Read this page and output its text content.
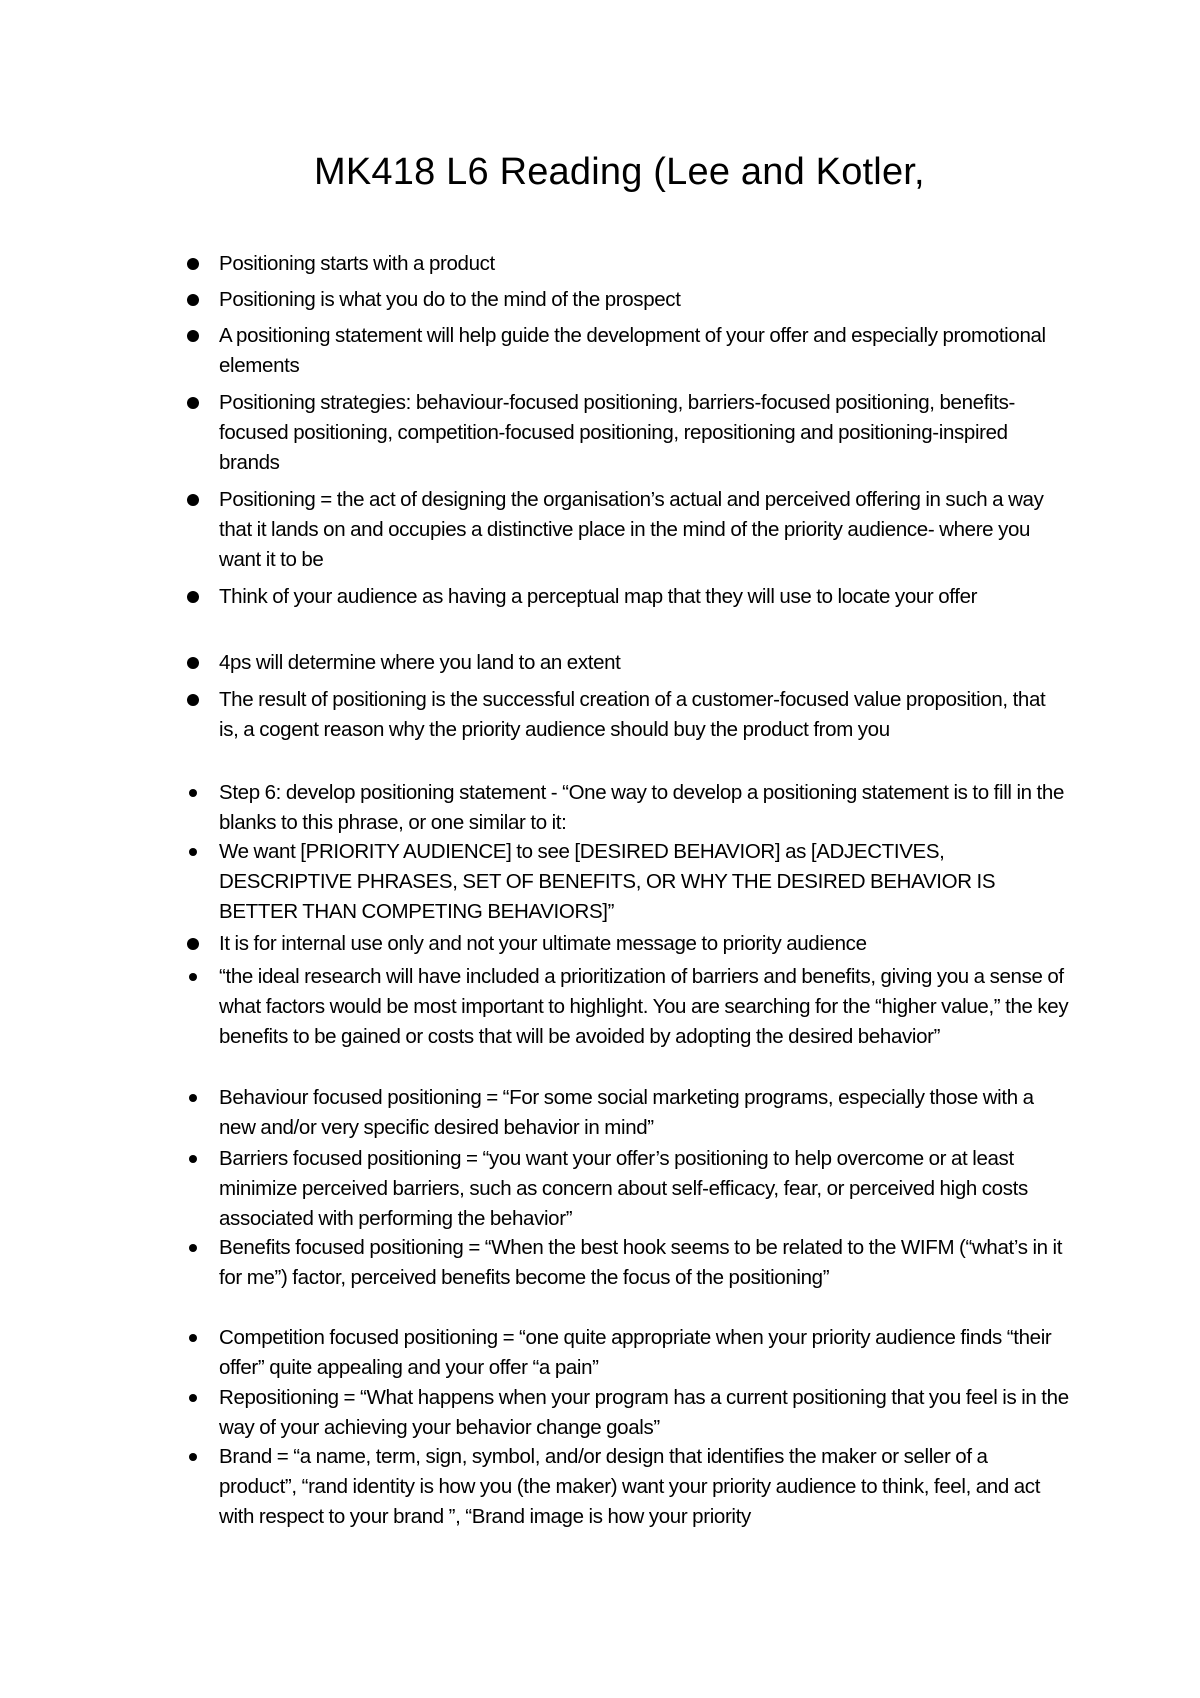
MK418 L6 Reading (Lee and Kotler,
Positioning starts with a product
Positioning is what you do to the mind of the prospect
A positioning statement will help guide the development of your offer and especially promotional elements
Positioning strategies: behaviour-focused positioning, barriers-focused positioning, benefits-focused positioning, competition-focused positioning, repositioning and positioning-inspired brands
Positioning = the act of designing the organisation’s actual and perceived offering in such a way that it lands on and occupies a distinctive place in the mind of the priority audience- where you want it to be
Think of your audience as having a perceptual map that they will use to locate your offer
4ps will determine where you land to an extent
The result of positioning is the successful creation of a customer-focused value proposition, that is, a cogent reason why the priority audience should buy the product from you
Step 6: develop positioning statement - “One way to develop a positioning statement is to fill in the blanks to this phrase, or one similar to it:
We want [PRIORITY AUDIENCE] to see [DESIRED BEHAVIOR] as [ADJECTIVES, DESCRIPTIVE PHRASES, SET OF BENEFITS, OR WHY THE DESIRED BEHAVIOR IS BETTER THAN COMPETING BEHAVIORS]”
It is for internal use only and not your ultimate message to priority audience
“the ideal research will have included a prioritization of barriers and benefits, giving you a sense of what factors would be most important to highlight. You are searching for the “higher value,” the key benefits to be gained or costs that will be avoided by adopting the desired behavior”
Behaviour focused positioning = “For some social marketing programs, especially those with a new and/or very specific desired behavior in mind”
Barriers focused positioning = “you want your offer’s positioning to help overcome or at least minimize perceived barriers, such as concern about self-efficacy, fear, or perceived high costs associated with performing the behavior”
Benefits focused positioning = “When the best hook seems to be related to the WIFM (“what’s in it for me”) factor, perceived benefits become the focus of the positioning”
Competition focused positioning = “one quite appropriate when your priority audience finds “their offer” quite appealing and your offer “a pain”
Repositioning = “What happens when your program has a current positioning that you feel is in the way of your achieving your behavior change goals”
Brand = “a name, term, sign, symbol, and/or design that identifies the maker or seller of a product”, “rand identity is how you (the maker) want your priority audience to think, feel, and act with respect to your brand ”, “Brand image is how your priority
